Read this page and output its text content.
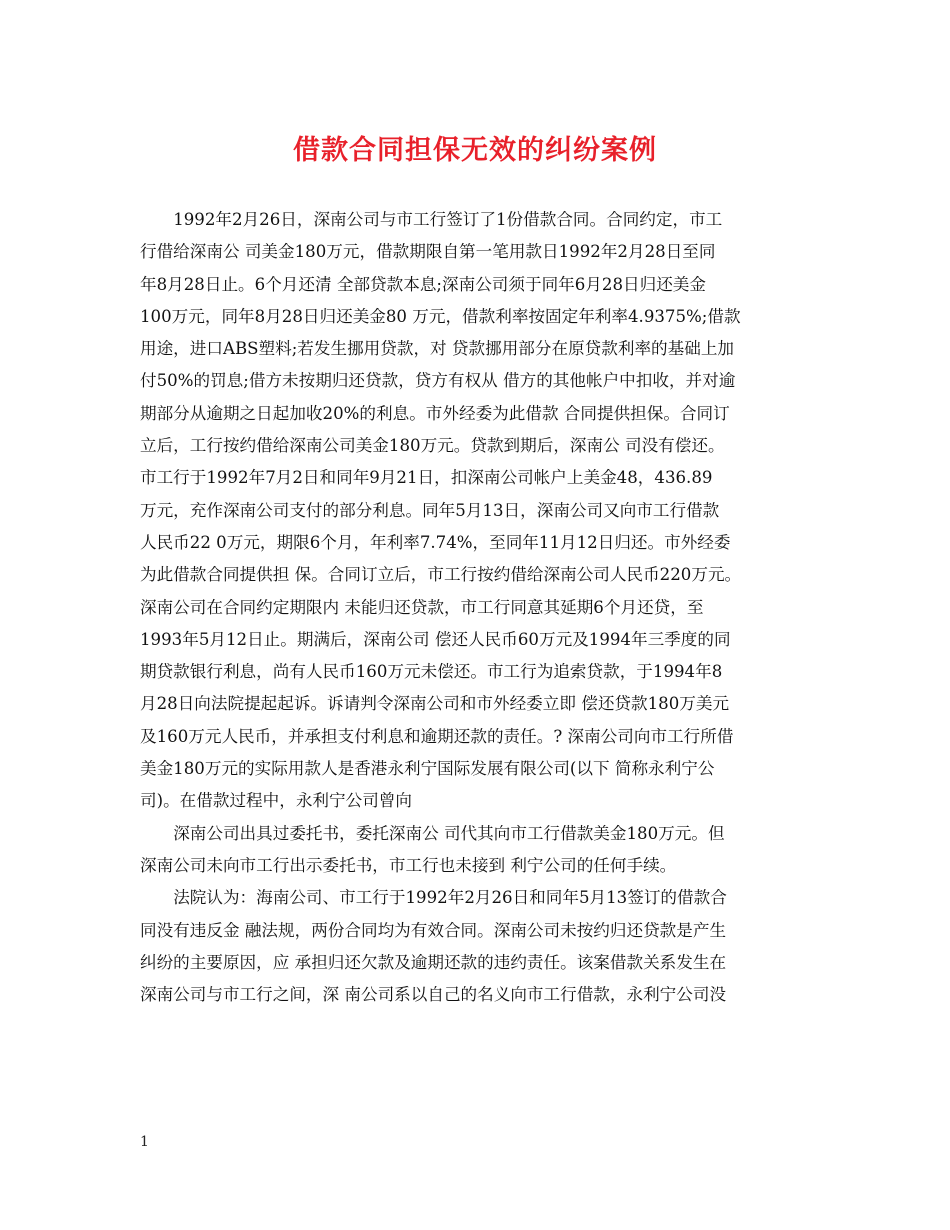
借款合同担保无效的纠纷案例

1992年2月26日，深南公司与市工行签订了1份借款合同。合同约定，市工
行借给深南公 司美金180万元，借款期限自第一笔用款日1992年2月28日至同
年8月28日止。6个月还清 全部贷款本息;深南公司须于同年6月28日归还美金
100万元，同年8月28日归还美金80 万元，借款利率按固定年利率4.9375%;借款
用途，进口ABS塑料;若发生挪用贷款，对 贷款挪用部分在原贷款利率的基础上加
付50%的罚息;借方未按期归还贷款，贷方有权从 借方的其他帐户中扣收，并对逾
期部分从逾期之日起加收20%的利息。市外经委为此借款 合同提供担保。合同订
立后，工行按约借给深南公司美金180万元。贷款到期后，深南公 司没有偿还。
市工行于1992年7月2日和同年9月21日，扣深南公司帐户上美金48，436.89
万元，充作深南公司支付的部分利息。同年5月13日，深南公司又向市工行借款
人民币22 0万元，期限6个月，年利率7.74%，至同年11月12日归还。市外经委
为此借款合同提供担 保。合同订立后，市工行按约借给深南公司人民币220万元。
深南公司在合同约定期限内 未能归还贷款，市工行同意其延期6个月还贷，至
1993年5月12日止。期满后，深南公司 偿还人民币60万元及1994年三季度的同
期贷款银行利息，尚有人民币160万元未偿还。市工行为追索贷款，于1994年8
月28日向法院提起起诉。诉请判令深南公司和市外经委立即 偿还贷款180万美元
及160万元人民币，并承担支付利息和逾期还款的责任。? 深南公司向市工行所借
美金180万元的实际用款人是香港永利宁国际发展有限公司(以下 简称永利宁公
司)。在借款过程中，永利宁公司曾向

深南公司出具过委托书，委托深南公 司代其向市工行借款美金180万元。但
深南公司未向市工行出示委托书，市工行也未接到 利宁公司的任何手续。

法院认为：海南公司、市工行于1992年2月26日和同年5月13签订的借款合
同没有违反金 融法规，两份合同均为有效合同。深南公司未按约归还贷款是产生
纠纷的主要原因，应 承担归还欠款及逾期还款的违约责任。该案借款关系发生在
深南公司与市工行之间，深 南公司系以自己的名义向市工行借款，永利宁公司没

1
